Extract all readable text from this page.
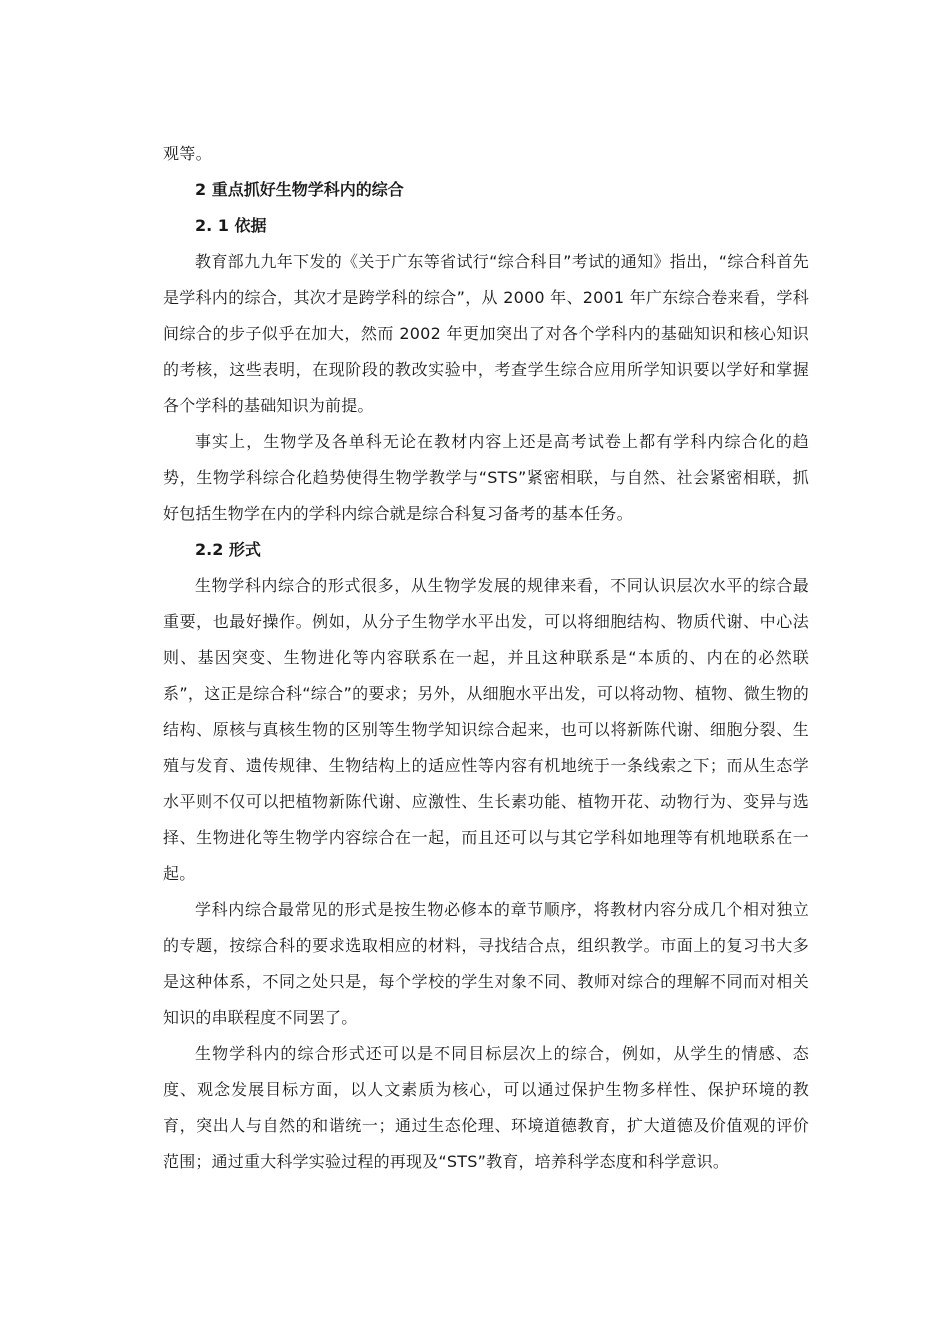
观等。
2 重点抓好生物学科内的综合
2. 1 依据

教育部九九年下发的《关于广东等省试行“综合科目”考试的通知》指出，“综合科首先是学科内的综合，其次才是跨学科的综合”，从 2000 年、2001 年广东综合卷来看，学科间综合的步子似乎在加大，然而 2002 年更加突出了对各个学科内的基础知识和核心知识的考核，这些表明，在现阶段的教改实验中，考查学生综合应用所学知识要以学好和掌握各个学科的基础知识为前提。

事实上，生物学及各单科无论在教材内容上还是高考试卷上都有学科内综合化的趋势，生物学科综合化趋势使得生物学教学与“STS”紧密相联，与自然、社会紧密相联，抓好包括生物学在内的学科内综合就是综合科复习备考的基本任务。

2.2 形式

生物学科内综合的形式很多，从生物学发展的规律来看，不同认识层次水平的综合最重要，也最好操作。例如，从分子生物学水平出发，可以将细胞结构、物质代谢、中心法则、基因突变、生物进化等内容联系在一起，并且这种联系是“本质的、内在的必然联系”，这正是综合科“综合”的要求；另外，从细胞水平出发，可以将动物、植物、微生物的结构、原核与真核生物的区别等生物学知识综合起来，也可以将新陈代谢、细胞分裂、生殖与发育、遗传规律、生物结构上的适应性等内容有机地统于一条线索之下；而从生态学水平则不仅可以把植物新陈代谢、应激性、生长素功能、植物开花、动物行为、变异与选择、生物进化等生物学内容综合在一起，而且还可以与其它学科如地理等有机地联系在一起。

学科内综合最常见的形式是按生物必修本的章节顺序，将教材内容分成几个相对独立的专题，按综合科的要求选取相应的材料，寻找结合点，组织教学。市面上的复习书大多是这种体系，不同之处只是，每个学校的学生对象不同、教师对综合的理解不同而对相关知识的串联程度不同罢了。

生物学科内的综合形式还可以是不同目标层次上的综合，例如，从学生的情感、态度、观念发展目标方面，以人文素质为核心，可以通过保护生物多样性、保护环境的教育，突出人与自然的和谐统一；通过生态伦理、环境道德教育，扩大道德及价值观的评价范围；通过重大科学实验过程的再现及“STS”教育，培养科学态度和科学意识。
